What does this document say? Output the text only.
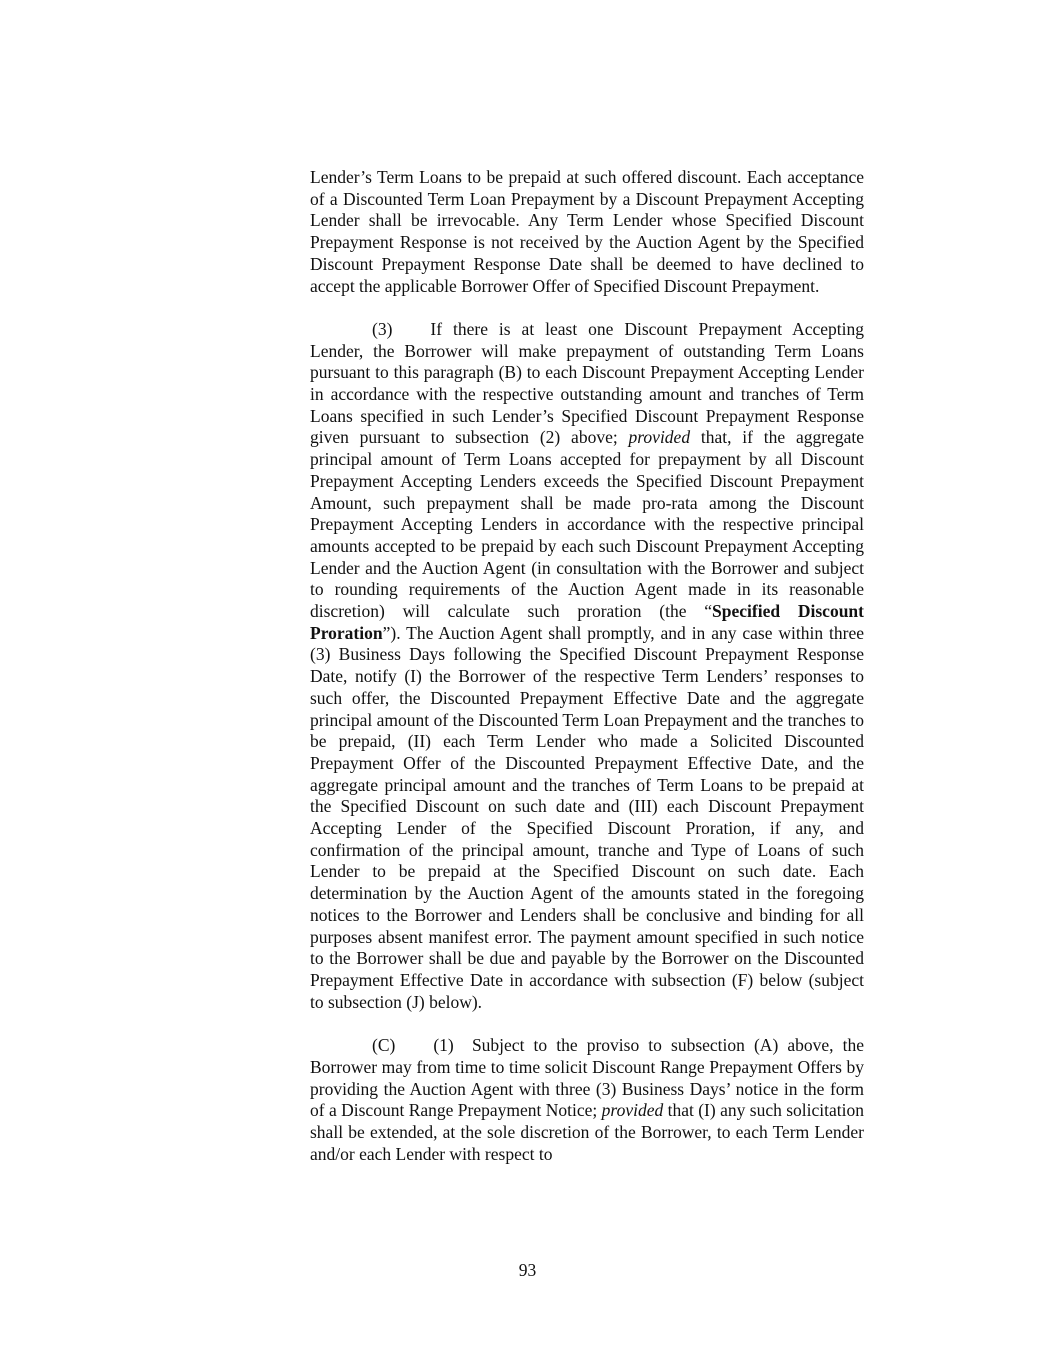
Lender’s Term Loans to be prepaid at such offered discount. Each acceptance of a Discounted Term Loan Prepayment by a Discount Prepayment Accepting Lender shall be irrevocable. Any Term Lender whose Specified Discount Prepayment Response is not received by the Auction Agent by the Specified Discount Prepayment Response Date shall be deemed to have declined to accept the applicable Borrower Offer of Specified Discount Prepayment.

(3) If there is at least one Discount Prepayment Accepting Lender, the Borrower will make prepayment of outstanding Term Loans pursuant to this paragraph (B) to each Discount Prepayment Accepting Lender in accordance with the respective outstanding amount and tranches of Term Loans specified in such Lender’s Specified Discount Prepayment Response given pursuant to subsection (2) above; provided that, if the aggregate principal amount of Term Loans accepted for prepayment by all Discount Prepayment Accepting Lenders exceeds the Specified Discount Prepayment Amount, such prepayment shall be made pro-rata among the Discount Prepayment Accepting Lenders in accordance with the respective principal amounts accepted to be prepaid by each such Discount Prepayment Accepting Lender and the Auction Agent (in consultation with the Borrower and subject to rounding requirements of the Auction Agent made in its reasonable discretion) will calculate such proration (the “Specified Discount Proration”). The Auction Agent shall promptly, and in any case within three (3) Business Days following the Specified Discount Prepayment Response Date, notify (I) the Borrower of the respective Term Lenders’ responses to such offer, the Discounted Prepayment Effective Date and the aggregate principal amount of the Discounted Term Loan Prepayment and the tranches to be prepaid, (II) each Term Lender who made a Solicited Discounted Prepayment Offer of the Discounted Prepayment Effective Date, and the aggregate principal amount and the tranches of Term Loans to be prepaid at the Specified Discount on such date and (III) each Discount Prepayment Accepting Lender of the Specified Discount Proration, if any, and confirmation of the principal amount, tranche and Type of Loans of such Lender to be prepaid at the Specified Discount on such date. Each determination by the Auction Agent of the amounts stated in the foregoing notices to the Borrower and Lenders shall be conclusive and binding for all purposes absent manifest error. The payment amount specified in such notice to the Borrower shall be due and payable by the Borrower on the Discounted Prepayment Effective Date in accordance with subsection (F) below (subject to subsection (J) below).

(C) (1) Subject to the proviso to subsection (A) above, the Borrower may from time to time solicit Discount Range Prepayment Offers by providing the Auction Agent with three (3) Business Days’ notice in the form of a Discount Range Prepayment Notice; provided that (I) any such solicitation shall be extended, at the sole discretion of the Borrower, to each Term Lender and/or each Lender with respect to

93
